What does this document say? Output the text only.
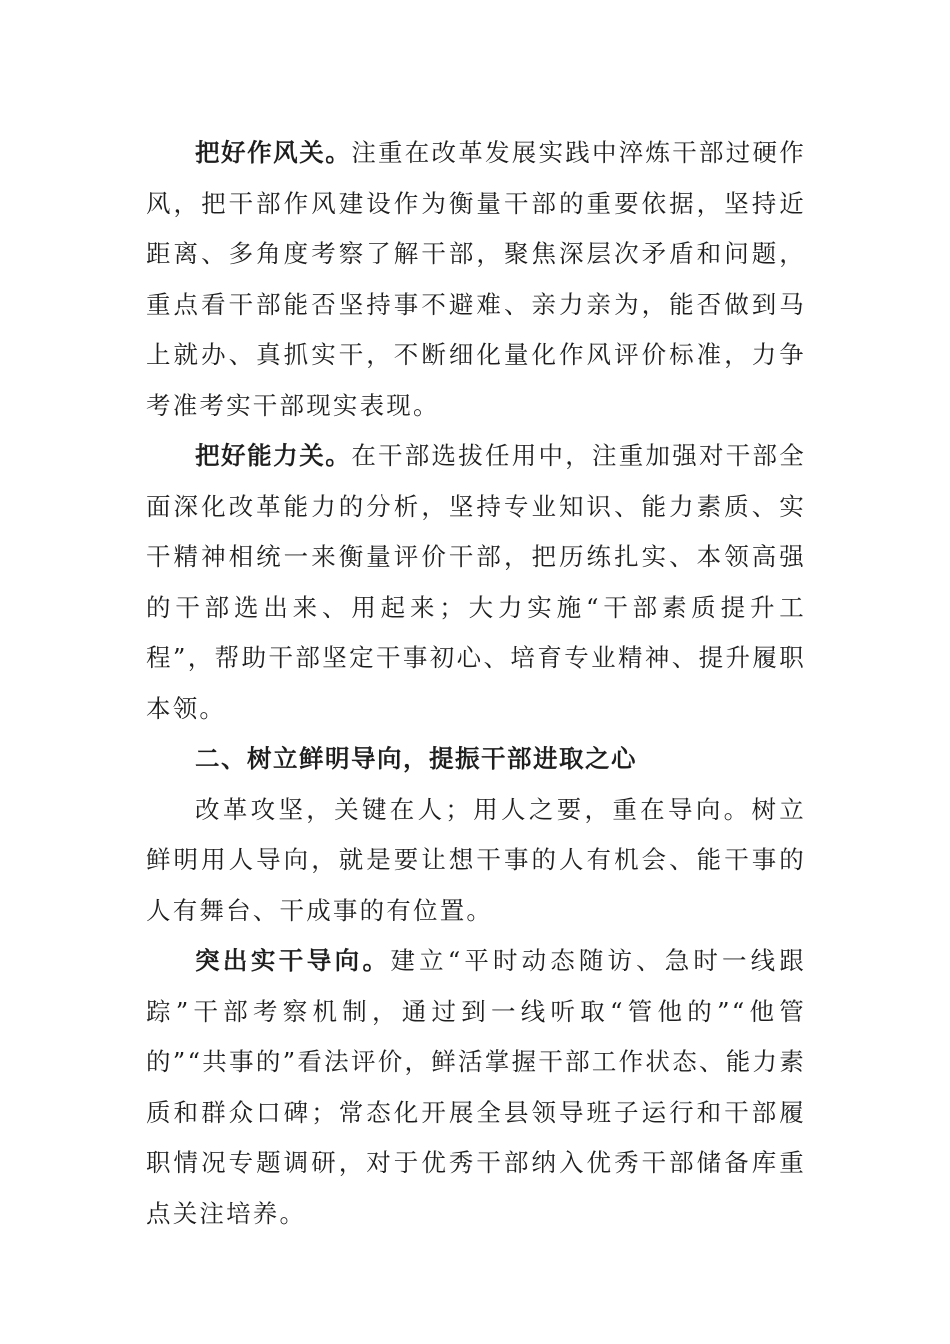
把好作风关。注重在改革发展实践中淬炼干部过硬作风，把干部作风建设作为衡量干部的重要依据，坚持近距离、多角度考察了解干部，聚焦深层次矛盾和问题，重点看干部能否坚持事不避难、亲力亲为，能否做到马上就办、真抓实干，不断细化量化作风评价标准，力争考准考实干部现实表现。

把好能力关。在干部选拔任用中，注重加强对干部全面深化改革能力的分析，坚持专业知识、能力素质、实干精神相统一来衡量评价干部，把历练扎实、本领高强的干部选出来、用起来；大力实施“干部素质提升工程”，帮助干部坚定干事初心、培育专业精神、提升履职本领。

二、树立鲜明导向，提振干部进取之心

改革攻坚，关键在人；用人之要，重在导向。树立鲜明用人导向，就是要让想干事的人有机会、能干事的人有舞台、干成事的有位置。

突出实干导向。建立“平时动态随访、急时一线跟踪”干部考察机制，通过到一线听取“管他的”“他管的”“共事的”看法评价，鲜活掌握干部工作状态、能力素质和群众口碑；常态化开展全县领导班子运行和干部履职情况专题调研，对于优秀干部纳入优秀干部储备库重点关注培养。
